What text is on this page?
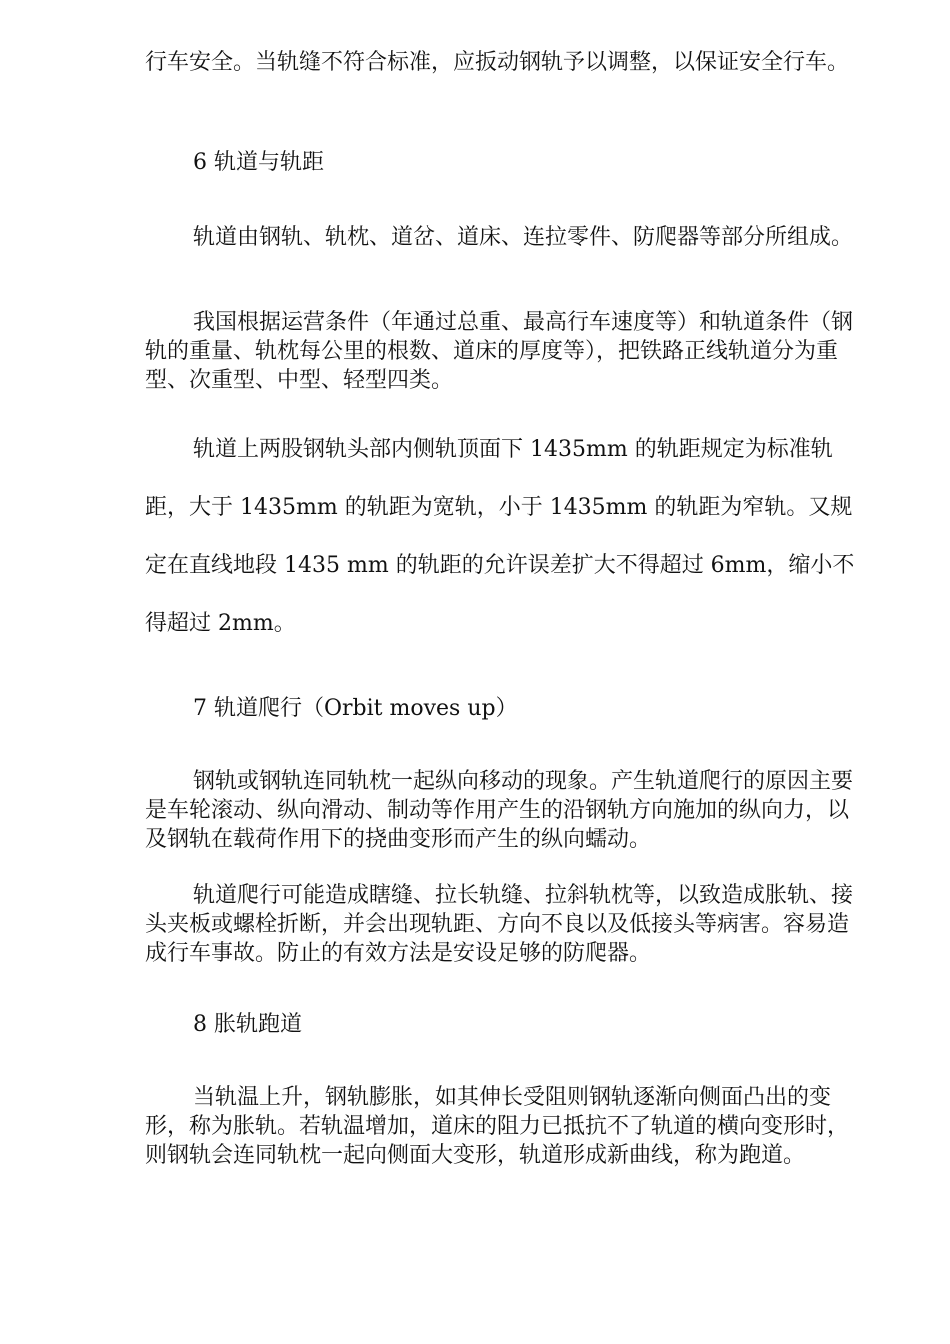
行车安全。当轨缝不符合标准，应扳动钢轨予以调整，以保证安全行车。

6 轨道与轨距

轨道由钢轨、轨枕、道岔、道床、连拉零件、防爬器等部分所组成。

我国根据运营条件（年通过总重、最高行车速度等）和轨道条件（钢轨的重量、轨枕每公里的根数、道床的厚度等），把铁路正线轨道分为重型、次重型、中型、轻型四类。

轨道上两股钢轨头部内侧轨顶面下 1435mm 的轨距规定为标准轨距，大于 1435mm 的轨距为宽轨，小于 1435mm 的轨距为窄轨。又规定在直线地段 1435 mm 的轨距的允许误差扩大不得超过 6mm，缩小不得超过 2mm。

7 轨道爬行（Orbit moves up）

钢轨或钢轨连同轨枕一起纵向移动的现象。产生轨道爬行的原因主要是车轮滚动、纵向滑动、制动等作用产生的沿钢轨方向施加的纵向力，以及钢轨在载荷作用下的挠曲变形而产生的纵向蠕动。

轨道爬行可能造成瞎缝、拉长轨缝、拉斜轨枕等，以致造成胀轨、接头夹板或螺栓折断，并会出现轨距、方向不良以及低接头等病害。容易造成行车事故。防止的有效方法是安设足够的防爬器。

8 胀轨跑道

当轨温上升，钢轨膨胀，如其伸长受阻则钢轨逐渐向侧面凸出的变形，称为胀轨。若轨温增加，道床的阻力已抵抗不了轨道的横向变形时，则钢轨会连同轨枕一起向侧面大变形，轨道形成新曲线，称为跑道。
